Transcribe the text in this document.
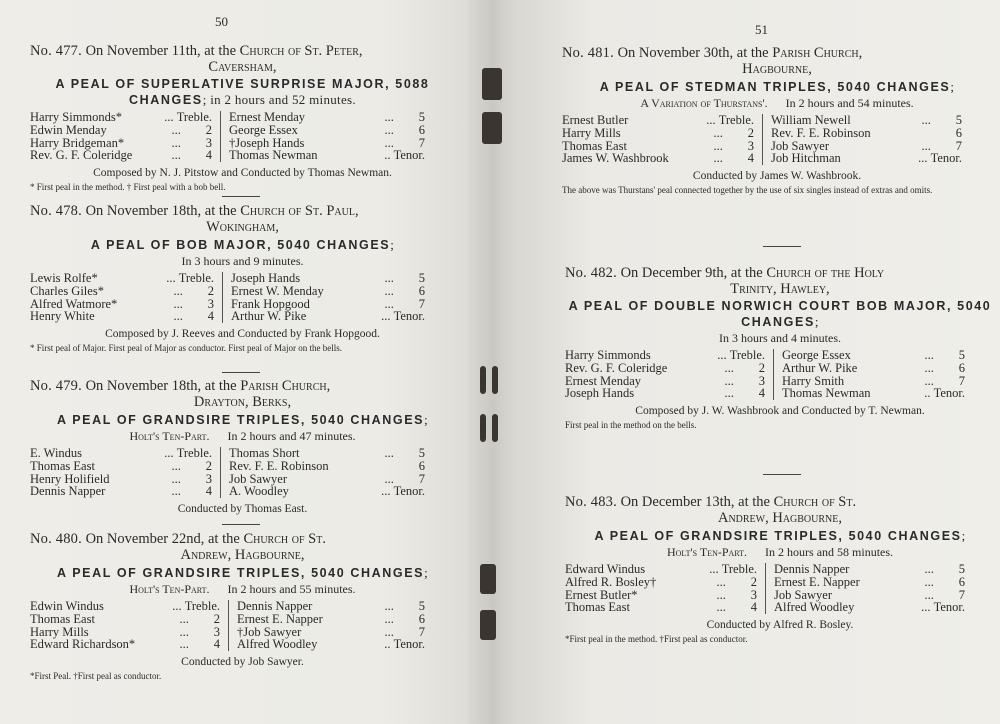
50
No. 477. On November 11th, at the Church of St. Peter,
Caversham,
A PEAL OF SUPERLATIVE SURPRISE MAJOR, 5088 CHANGES; in 2 hours and 52 minutes.
Harry Simmonds*	... Treble.
Edwin Menday	... 2
Harry Bridgeman*	... 3
Rev. G. F. Coleridge	... 4
Ernest Menday	... 5
George Essex	... 6
†Joseph Hands	... 7
Thomas Newman	.. Tenor.
Composed by N. J. Pitstow and Conducted by Thomas Newman.
* First peal in the method. † First peal with a bob bell.
No. 478. On November 18th, at the Church of St. Paul,
Wokingham,
A PEAL OF BOB MAJOR, 5040 CHANGES;
In 3 hours and 9 minutes.
Lewis Rolfe*	... Treble.
Charles Giles*	... 2
Alfred Watmore*	... 3
Henry White	... 4
Joseph Hands	... 5
Ernest W. Menday	... 6
Frank Hopgood	... 7
Arthur W. Pike	... Tenor.
Composed by J. Reeves and Conducted by Frank Hopgood.
* First peal of Major. First peal of Major as conductor. First peal of Major on the bells.
No. 479. On November 18th, at the Parish Church,
Drayton, Berks,
A PEAL OF GRANDSIRE TRIPLES, 5040 CHANGES;
Holt's Ten-Part. In 2 hours and 47 minutes.
E. Windus	... Treble.
Thomas East	... 2
Henry Holifield	... 3
Dennis Napper	... 4
Thomas Short	... 5
Rev. F. E. Robinson	6
Job Sawyer	... 7
A. Woodley	... Tenor.
Conducted by Thomas East.
No. 480. On November 22nd, at the Church of St.
Andrew, Hagbourne,
A PEAL OF GRANDSIRE TRIPLES, 5040 CHANGES;
Holt's Ten-Part. In 2 hours and 55 minutes.
Edwin Windus	... Treble.
Thomas East	... 2
Harry Mills	... 3
Edward Richardson*	... 4
Dennis Napper	... 5
Ernest E. Napper	... 6
†Job Sawyer	... 7
Alfred Woodley	.. Tenor.
Conducted by Job Sawyer.
*First Peal. †First peal as conductor.
51
No. 481. On November 30th, at the Parish Church,
Hagbourne,
A PEAL OF STEDMAN TRIPLES, 5040 CHANGES;
A Variation of Thurstans'. In 2 hours and 54 minutes.
Ernest Butler	... Treble.
Harry Mills	... 2
Thomas East	... 3
James W. Washbrook	... 4
William Newell	... 5
Rev. F. E. Robinson	6
Job Sawyer	... 7
Job Hitchman	... Tenor.
Conducted by James W. Washbrook.
The above was Thurstans' peal connected together by the use of six singles instead of extras and omits.
No. 482. On December 9th, at the Church of the Holy
Trinity, Hawley,
A PEAL OF DOUBLE NORWICH COURT BOB MAJOR, 5040 CHANGES;
In 3 hours and 4 minutes.
Harry Simmonds	... Treble.
Rev. G. F. Coleridge	... 2
Ernest Menday	... 3
Joseph Hands	... 4
George Essex	... 5
Arthur W. Pike	... 6
Harry Smith	... 7
Thomas Newman	.. Tenor.
Composed by J. W. Washbrook and Conducted by T. Newman.
First peal in the method on the bells.
No. 483. On December 13th, at the Church of St.
Andrew, Hagbourne,
A PEAL OF GRANDSIRE TRIPLES, 5040 CHANGES;
Holt's Ten-Part. In 2 hours and 58 minutes.
Edward Windus	... Treble.
Alfred R. Bosley†	... 2
Ernest Butler*	... 3
Thomas East	... 4
Dennis Napper	... 5
Ernest E. Napper	... 6
Job Sawyer	... 7
Alfred Woodley	... Tenor.
Conducted by Alfred R. Bosley.
*First peal in the method. †First peal as conductor.
